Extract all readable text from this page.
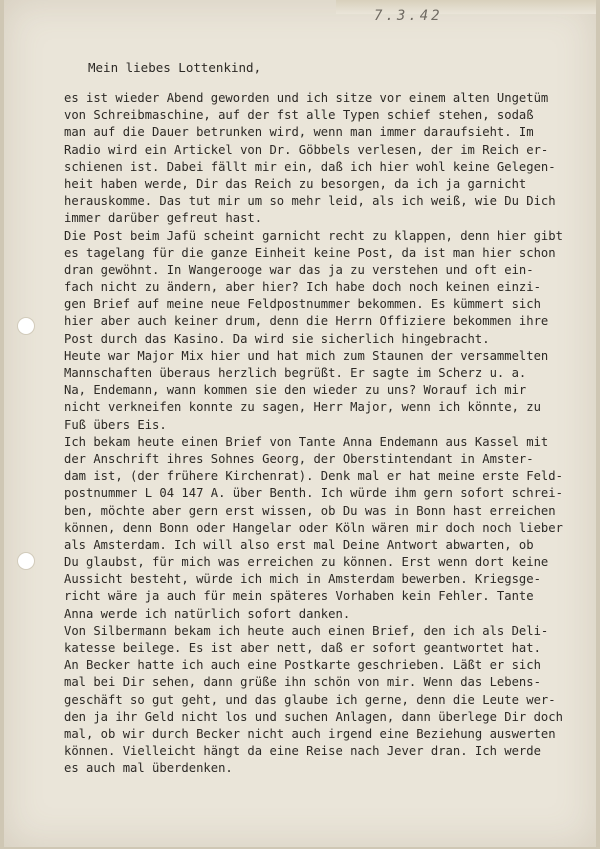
7.3.42
Mein liebes Lottenkind,
es ist wieder Abend geworden und ich sitze vor einem alten Ungetüm
von Schreibmaschine, auf der fst alle Typen schief stehen, sodaß
man auf die Dauer betrunken wird, wenn man immer daraufsieht. Im
Radio wird ein Artickel von Dr. Göbbels verlesen, der im Reich er-
schienen ist. Dabei fällt mir ein, daß ich hier wohl keine Gelegen-
heit haben werde, Dir das Reich zu besorgen, da ich ja garnicht
herauskomme. Das tut mir um so mehr leid, als ich weiß, wie Du Dich
immer darüber gefreut hast.
Die Post beim Jafü scheint garnicht recht zu klappen, denn hier gibt
es tagelang für die ganze Einheit keine Post, da ist man hier schon
dran gewöhnt. In Wangerooge war das ja zu verstehen und oft ein-
fach nicht zu ändern, aber hier? Ich habe doch noch keinen einzi-
gen Brief auf meine neue Feldpostnummer bekommen. Es kümmert sich
hier aber auch keiner drum, denn die Herrn Offiziere bekommen ihre
Post durch das Kasino. Da wird sie sicherlich hingebracht.
Heute war Major Mix hier und hat mich zum Staunen der versammelten
Mannschaften überaus herzlich begrüßt. Er sagte im Scherz u. a.
Na, Endemann, wann kommen sie den wieder zu uns? Worauf ich mir
nicht verkneifen konnte zu sagen, Herr Major, wenn ich könnte, zu
Fuß übers Eis.
Ich bekam heute einen Brief von Tante Anna Endemann aus Kassel mit
der Anschrift ihres Sohnes Georg, der Oberstintendant in Amster-
dam ist, (der frühere Kirchenrat). Denk mal er hat meine erste Feld-
postnummer L 04 147 A. über Benth. Ich würde ihm gern sofort schrei-
ben, möchte aber gern erst wissen, ob Du was in Bonn hast erreichen
können, denn Bonn oder Hangelar oder Köln wären mir doch noch lieber
als Amsterdam. Ich will also erst mal Deine Antwort abwarten, ob
Du glaubst, für mich was erreichen zu können. Erst wenn dort keine
Aussicht besteht, würde ich mich in Amsterdam bewerben. Kriegsge-
richt wäre ja auch für mein späteres Vorhaben kein Fehler. Tante
Anna werde ich natürlich sofort danken.
Von Silbermann bekam ich heute auch einen Brief, den ich als Deli-
katesse beilege. Es ist aber nett, daß er sofort geantwortet hat.
An Becker hatte ich auch eine Postkarte geschrieben. Läßt er sich
mal bei Dir sehen, dann grüße ihn schön von mir. Wenn das Lebens-
geschäft so gut geht, und das glaube ich gerne, denn die Leute wer-
den ja ihr Geld nicht los und suchen Anlagen, dann überlege Dir doch
mal, ob wir durch Becker nicht auch irgend eine Beziehung auswerten
können. Vielleicht hängt da eine Reise nach Jever dran. Ich werde
es auch mal überdenken.
